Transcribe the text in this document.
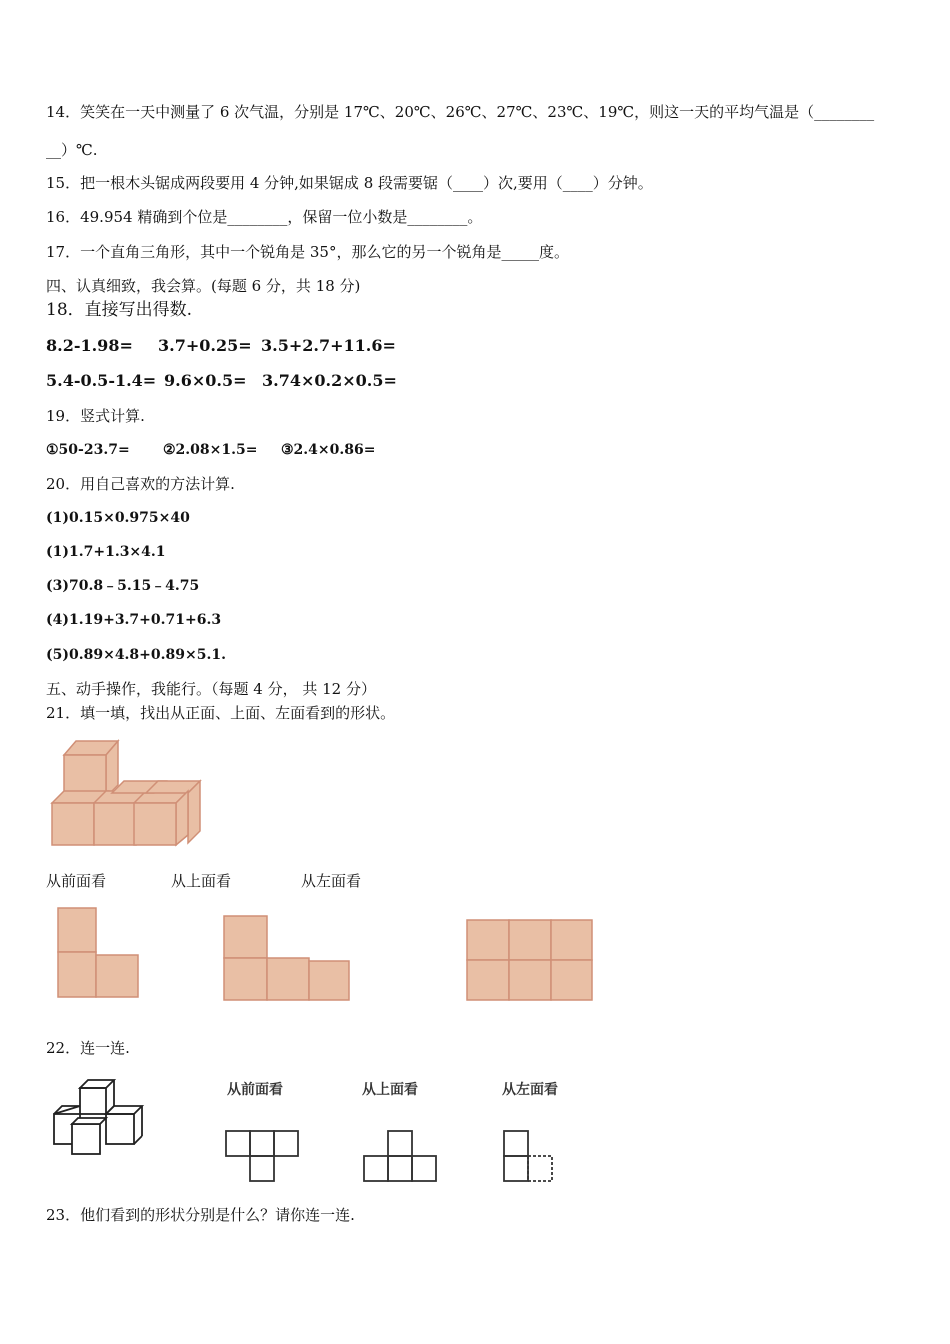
14．笑笑在一天中测量了 6 次气温，分别是 17℃、20℃、26℃、27℃、23℃、19℃，则这一天的平均气温是（________
__）℃.
15．把一根木头锯成两段要用 4 分钟,如果锯成 8 段需要锯（____）次,要用（____）分钟。
16．49.954 精确到个位是________，保留一位小数是________。
17．一个直角三角形，其中一个锐角是 35°，那么它的另一个锐角是_____度。
四、认真细致，我会算。(每题 6 分，共 18 分)
18．直接写出得数.
8.2-1.98= 3.7+0.25= 3.5+2.7+11.6=
5.4-0.5-1.4= 9.6×0.5= 3.74×0.2×0.5=
19．竖式计算.
①50-23.7= ②2.08×1.5= ③2.4×0.86=
20．用自己喜欢的方法计算.
(1)0.15×0.975×40
(1)1.7+1.3×4.1
(3)70.8﹣5.15﹣4.75
(4)1.19+3.7+0.71+6.3
(5)0.89×4.8+0.89×5.1.
五、动手操作，我能行。（每题 4 分， 共 12 分）
21．填一填，找出从正面、上面、左面看到的形状。
从前面看	从上面看	从左面看
22．连一连.
从前面看	从上面看	从左面看
23．他们看到的形状分别是什么？请你连一连.
